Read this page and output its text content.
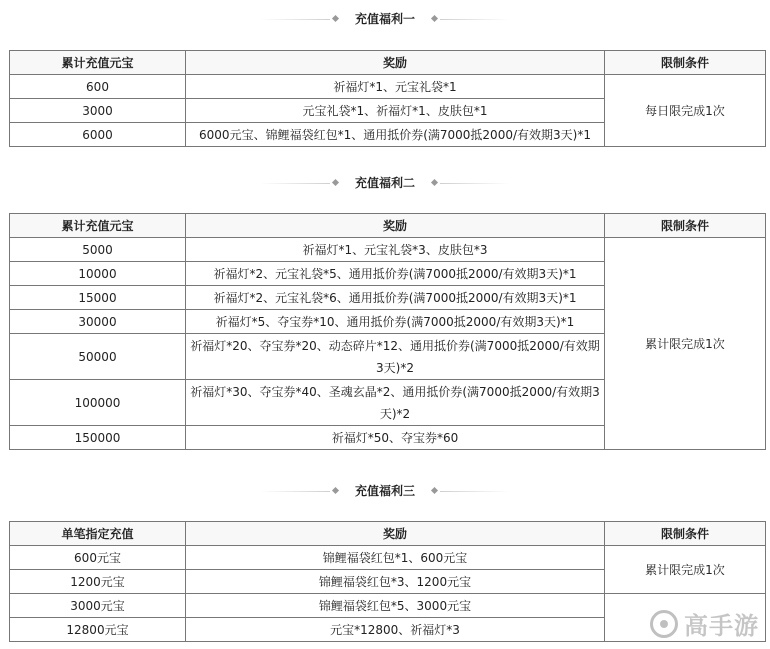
充值福利一
累计充值元宝	奖励	限制条件
600	祈福灯*1、元宝礼袋*1	每日限完成1次
3000	元宝礼袋*1、祈福灯*1、皮肤包*1	
6000	6000元宝、锦鲤福袋红包*1、通用抵价券(满7000抵2000/有效期3天)*1	
充值福利二
累计充值元宝	奖励	限制条件
5000	祈福灯*1、元宝礼袋*3、皮肤包*3	累计限完成1次
10000	祈福灯*2、元宝礼袋*5、通用抵价券(满7000抵2000/有效期3天)*1	
15000	祈福灯*2、元宝礼袋*6、通用抵价券(满7000抵2000/有效期3天)*1	
30000	祈福灯*5、夺宝券*10、通用抵价券(满7000抵2000/有效期3天)*1	
50000	祈福灯*20、夺宝券*20、动态碎片*12、通用抵价券(满7000抵2000/有效期3天)*2	
100000	祈福灯*30、夺宝券*40、圣魂玄晶*2、通用抵价券(满7000抵2000/有效期3天)*2	
150000	祈福灯*50、夺宝券*60	
充值福利三
单笔指定充值	奖励	限制条件
600元宝	锦鲤福袋红包*1、600元宝	累计限完成1次
1200元宝	锦鲤福袋红包*3、1200元宝	
3000元宝	锦鲤福袋红包*5、3000元宝	
12800元宝	元宝*12800、祈福灯*3		高手游
